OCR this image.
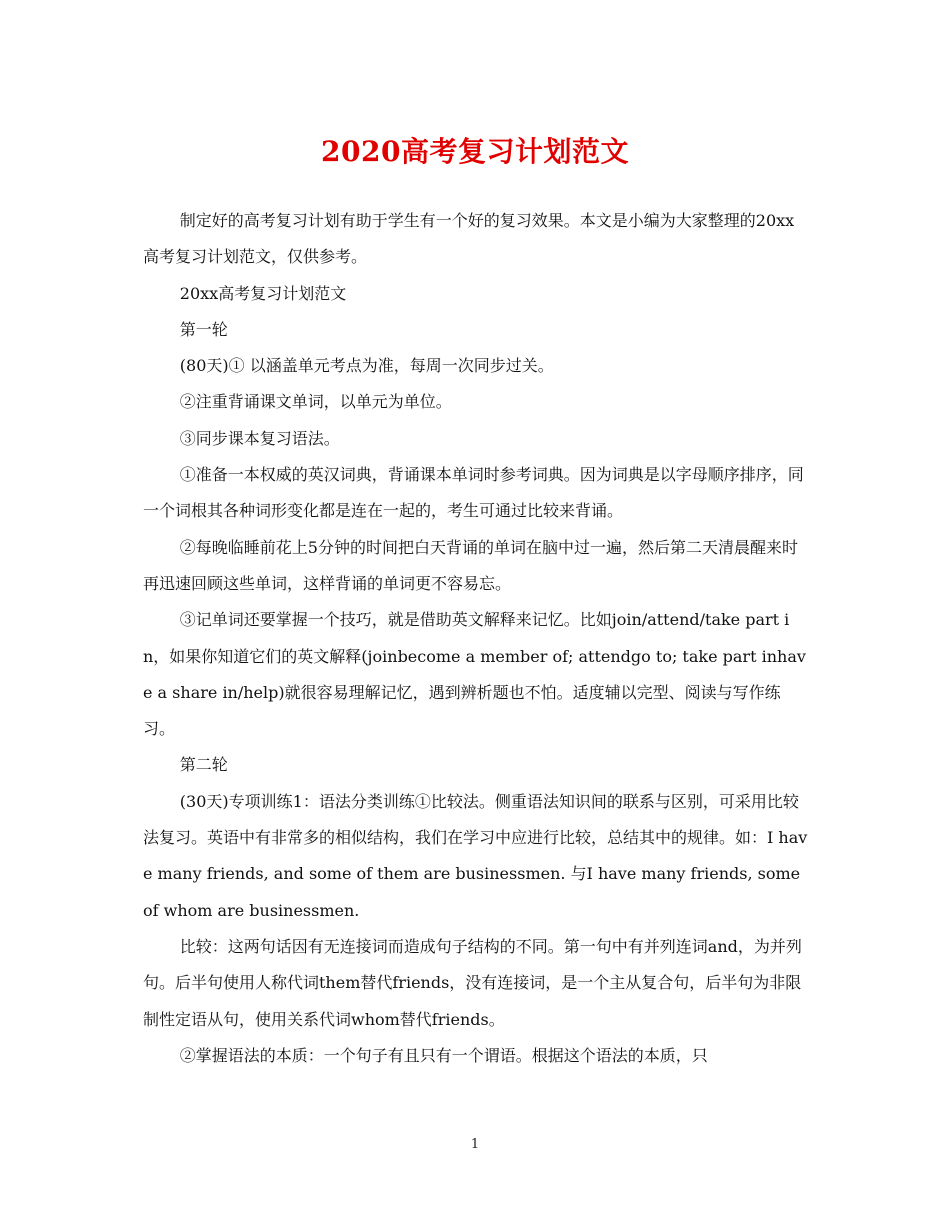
2020高考复习计划范文

制定好的高考复习计划有助于学生有一个好的复习效果。本文是小编为大家整理的20xx高考复习计划范文，仅供参考。

20xx高考复习计划范文

第一轮

(80天)① 以涵盖单元考点为准，每周一次同步过关。

②注重背诵课文单词，以单元为单位。

③同步课本复习语法。

①准备一本权威的英汉词典，背诵课本单词时参考词典。因为词典是以字母顺序排序，同一个词根其各种词形变化都是连在一起的，考生可通过比较来背诵。

②每晚临睡前花上5分钟的时间把白天背诵的单词在脑中过一遍，然后第二天清晨醒来时再迅速回顾这些单词，这样背诵的单词更不容易忘。

③记单词还要掌握一个技巧，就是借助英文解释来记忆。比如join/attend/take part in，如果你知道它们的英文解释(joinbecome a member of; attendgo to; take part inhave a share in/help)就很容易理解记忆，遇到辨析题也不怕。适度辅以完型、阅读与写作练习。

第二轮

(30天)专项训练1：语法分类训练①比较法。侧重语法知识间的联系与区别，可采用比较法复习。英语中有非常多的相似结构，我们在学习中应进行比较，总结其中的规律。如：I have many friends, and some of them are businessmen. 与I have many friends, some of whom are businessmen.

比较：这两句话因有无连接词而造成句子结构的不同。第一句中有并列连词and，为并列句。后半句使用人称代词them替代friends，没有连接词，是一个主从复合句，后半句为非限制性定语从句，使用关系代词whom替代friends。

②掌握语法的本质：一个句子有且只有一个谓语。根据这个语法的本质，只

1
